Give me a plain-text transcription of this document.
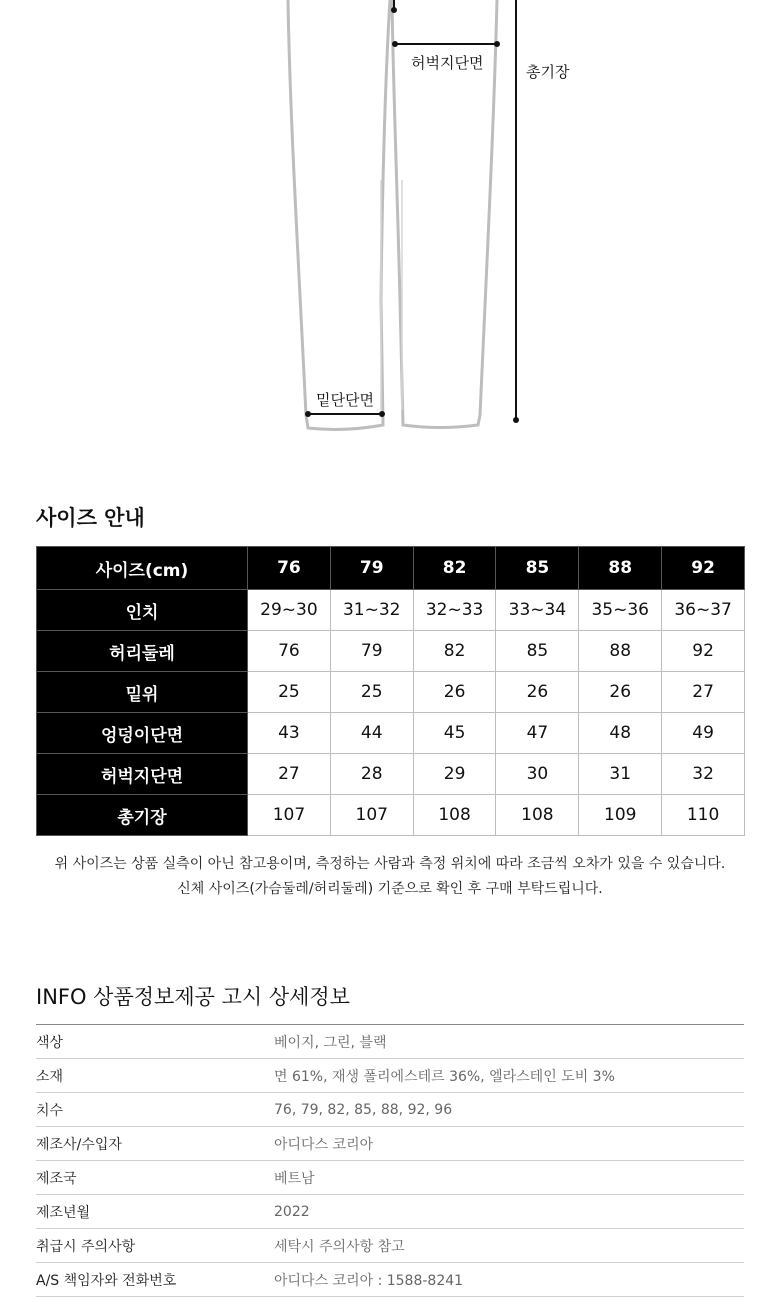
허벅지단면	총기장
밑단단면
사이즈 안내
사이즈(cm)	76	79	82	85	88	92
인치	29~30	31~32	32~33	33~34	35~36	36~37
허리둘레	76	79	82	85	88	92
밑위	25	25	26	26	26	27
엉덩이단면	43	44	45	47	48	49
허벅지단면	27	28	29	30	31	32
총기장	107	107	108	108	109	110
위 사이즈는 상품 실측이 아닌 참고용이며, 측정하는 사람과 측정 위치에 따라 조금씩 오차가 있을 수 있습니다.
신체 사이즈(가슴둘레/허리둘레) 기준으로 확인 후 구매 부탁드립니다.
INFO 상품정보제공 고시 상세정보
색상	베이지, 그린, 블랙
소재	면 61%, 재생 폴리에스테르 36%, 엘라스테인 도비 3%
치수	76, 79, 82, 85, 88, 92, 96
제조사/수입자	아디다스 코리아
제조국	베트남
제조년월	2022
취급시 주의사항	세탁시 주의사항 참고
A/S 책임자와 전화번호	아디다스 코리아 : 1588-8241
